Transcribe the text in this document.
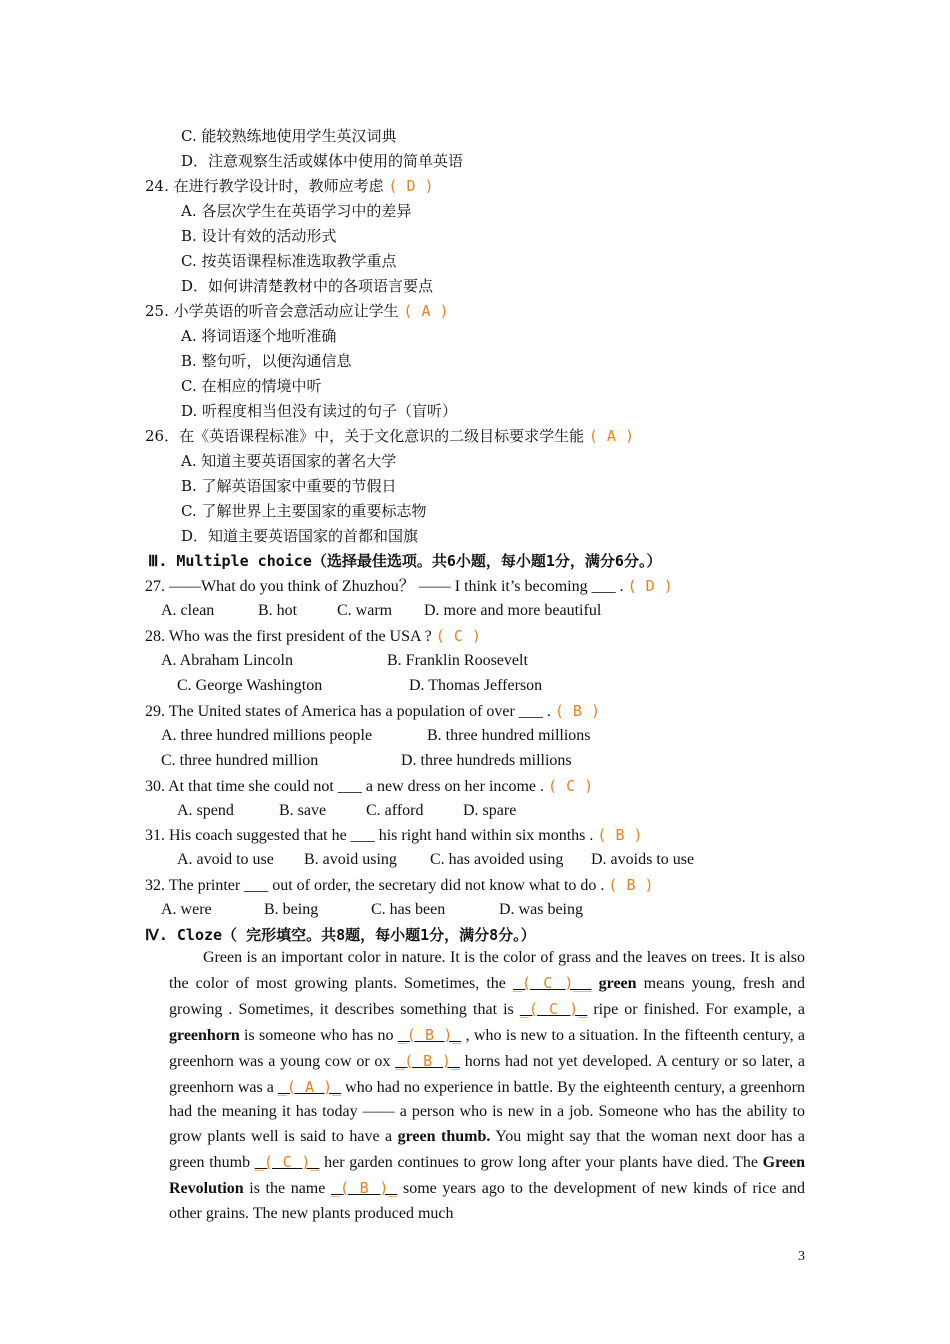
C. 能较熟练地使用学生英汉词典
D．注意观察生活或媒体中使用的简单英语
24. 在进行教学设计时，教师应考虑 ( D )
A. 各层次学生在英语学习中的差异
B. 设计有效的活动形式
C. 按英语课程标准选取教学重点
D．如何讲清楚教材中的各项语言要点
25. 小学英语的听音会意活动应让学生 ( A )
A. 将词语逐个地听准确
B. 整句听，以便沟通信息
C. 在相应的情境中听
D. 听程度相当但没有读过的句子（盲听）
26．在《英语课程标准》中，关于文化意识的二级目标要求学生能 ( A )
A. 知道主要英语国家的著名大学
B. 了解英语国家中重要的节假日
C. 了解世界上主要国家的重要标志物
D．知道主要英语国家的首都和国旗
Ⅲ. Multiple choice（选择最佳选项。共6小题，每小题1分，满分6分。）
27. ——What do you think of Zhuzhou？ —— I think it’s becoming ___ . ( D )
A. clean	B. hot C. warm D. more and more beautiful
28. Who was the first president of the USA ? ( C )
A. Abraham Lincoln	B. Franklin Roosevelt
C. George Washington	D. Thomas Jefferson
29. The United states of America has a population of over ___ . ( B )
A. three hundred millions people	B. three hundred millions
C. three hundred million	D. three hundreds millions
30. At that time she could not ___ a new dress on her income . ( C )
A. spend	B. save C. afford D. spare
31. His coach suggested that he ___ his right hand within six months . ( B )
A. avoid to use B. avoid using C. has avoided using D. avoids to use
32. The printer ___ out of order, the secretary did not know what to do . ( B )
A. were	B. being	C. has been	D. was being
Ⅳ. Cloze（ 完形填空。共8题，每小题1分，满分8分。）
Green is an important color in nature. It is the color of grass and the leaves on trees. It is also the color of most growing plants. Sometimes, the _( C )__ green means young, fresh and growing . Sometimes, it describes something that is _( C )_ ripe or finished. For example, a greenhorn is someone who has no _( B )_ , who is new to a situation. In the fifteenth century, a greenhorn was a young cow or ox _( B )_ horns had not yet developed. A century or so later, a greenhorn was a _( A )_ who had no experience in battle. By the eighteenth century, a greenhorn had the meaning it has today —— a person who is new in a job. Someone who has the ability to grow plants well is said to have a green thumb. You might say that the woman next door has a green thumb _( C )_ her garden continues to grow long after your plants have died. The Green Revolution is the name _( B )_ some years ago to the development of new kinds of rice and other grains. The new plants produced much
3
